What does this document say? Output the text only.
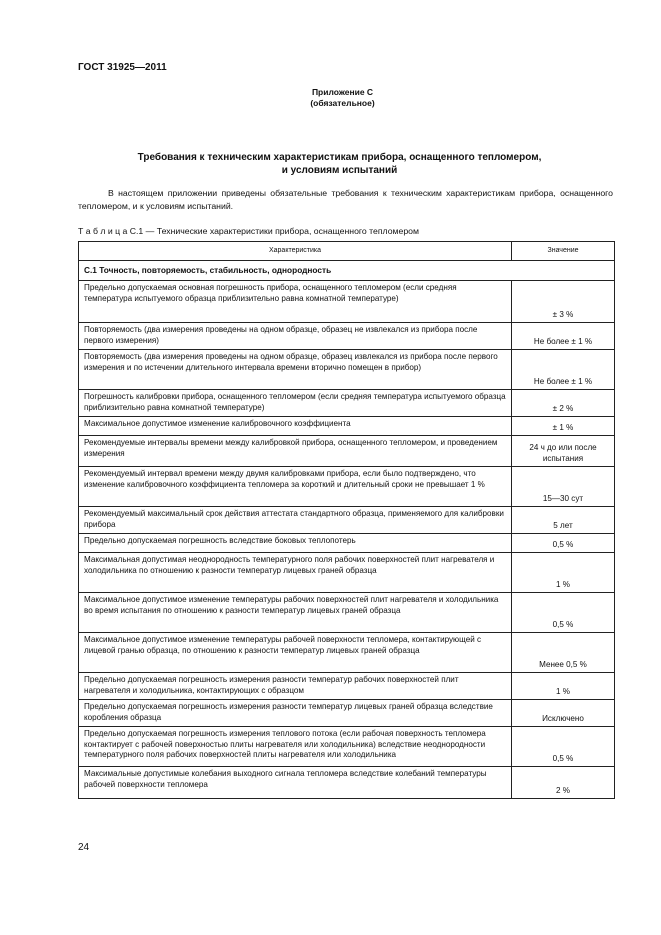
ГОСТ 31925—2011
Приложение С
(обязательное)
Требования к техническим характеристикам прибора, оснащенного тепломером,
и условиям испытаний
В настоящем приложении приведены обязательные требования к техническим характеристикам прибора, оснащенного тепломером, и к условиям испытаний.
Т а б л и ц а С.1 — Технические характеристики прибора, оснащенного тепломером
Характеристика	Значение
С.1 Точность, повторяемость, стабильность, однородность	
Предельно допускаемая основная погрешность прибора, оснащенного тепломером (если средняя температура испытуемого образца приблизительно равна комнатной температуре)	± 3 %
Повторяемость (два измерения проведены на одном образце, образец не извлекался из прибора после первого измерения)	Не более ± 1 %
Повторяемость (два измерения проведены на одном образце, образец извлекался из прибора после первого измерения и по истечении длительного интервала времени вторично помещен в прибор)	Не более ± 1 %
Погрешность калибровки прибора, оснащенного тепломером (если средняя температура испытуемого образца приблизительно равна комнатной температуре)	± 2 %
Максимальное допустимое изменение калибровочного коэффициента	± 1 %
Рекомендуемые интервалы времени между калибровкой прибора, оснащенного тепломером, и проведением измерения	24 ч до или после испытания
Рекомендуемый интервал времени между двумя калибровками прибора, если было подтверждено, что изменение калибровочного коэффициента тепломера за короткий и длительный сроки не превышает 1 %	15—30 сут
Рекомендуемый максимальный срок действия аттестата стандартного образца, применяемого для калибровки прибора	5 лет
Предельно допускаемая погрешность вследствие боковых теплопотерь	0,5 %
Максимальная допустимая неоднородность температурного поля рабочих поверхностей плит нагревателя и холодильника по отношению к разности температур лицевых граней образца	1 %
Максимальное допустимое изменение температуры рабочих поверхностей плит нагревателя и холодильника во время испытания по отношению к разности температур лицевых граней образца	0,5 %
Максимальное допустимое изменение температуры рабочей поверхности тепломера, контактирующей с лицевой гранью образца, по отношению к разности температур лицевых граней образца	Менее 0,5 %
Предельно допускаемая погрешность измерения разности температур рабочих поверхностей плит нагревателя и холодильника, контактирующих с образцом	1 %
Предельно допускаемая погрешность измерения разности температур лицевых граней образца вследствие коробления образца	Исключено
Предельно допускаемая погрешность измерения теплового потока (если рабочая поверхность тепломера контактирует с рабочей поверхностью плиты нагревателя или холодильника) вследствие неоднородности температурного поля рабочих поверхностей плиты нагревателя или холодильника	0,5 %
Максимальные допустимые колебания выходного сигнала тепломера вследствие колебаний температуры рабочей поверхности тепломера	2 %
24
